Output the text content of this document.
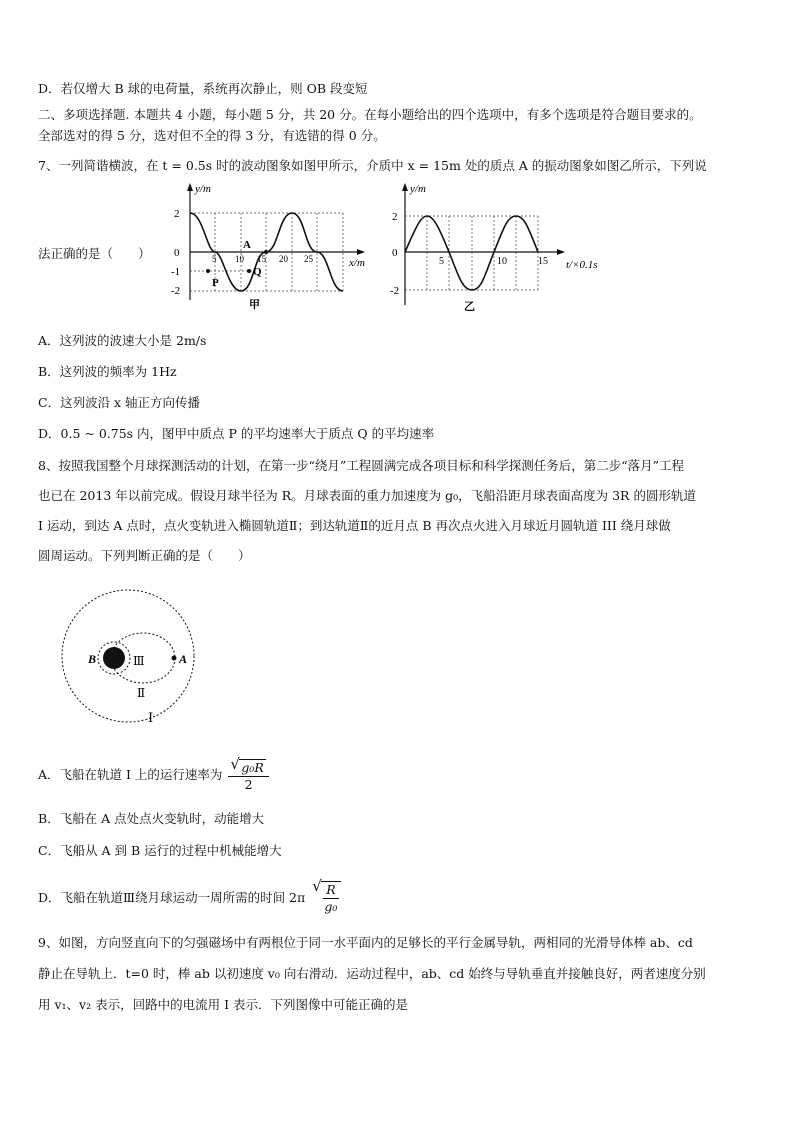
D．若仅增大 B 球的电荷量，系统再次静止，则 OB 段变短
二、多项选择题. 本题共 4 小题，每小题 5 分，共 20 分。在每小题给出的四个选项中，有多个选项是符合题目要求的。
全部选对的得 5 分，选对但不全的得 3 分，有选错的得 0 分。
7、一列简谐横波，在 t = 0.5s 时的波动图象如图甲所示，介质中 x = 15m 处的质点 A 的振动图象如图乙所示，下列说
法正确的是（　　）
y/m
x/m
2
0
-1
-2
5 10 15 20 25
A
P
Q
甲
y/m
t/×0.1s
2
0
-2
5	10	15
乙
A．这列波的波速大小是 2m/s
B．这列波的频率为 1Hz
C．这列波沿 x 轴正方向传播
D．0.5 ~ 0.75s 内，图甲中质点 P 的平均速率大于质点 Q 的平均速率
8、按照我国整个月球探测活动的计划，在第一步“绕月”工程圆满完成各项目标和科学探测任务后，第二步“落月”工程
也已在 2013 年以前完成。假设月球半径为 R。月球表面的重力加速度为 g₀，飞船沿距月球表面高度为 3R 的圆形轨道
I 运动，到达 A 点时，点火变轨进入椭圆轨道Ⅱ；到达轨道Ⅱ的近月点 B 再次点火进入月球近月圆轨道 III 绕月球做
圆周运动。下列判断正确的是（　　）
B	A
Ⅲ
Ⅱ
Ⅰ
A．飞船在轨道 I 上的运行速率为 √ $\frac{\text{g₀R}}{2}$
B．飞船在 A 点处点火变轨时，动能增大
C．飞船从 A 到 B 运行的过程中机械能增大
D．飞船在轨道Ⅲ绕月球运动一周所需的时间 2π √ $\frac{R}{\text{g₀}}$
9、如图，方向竖直向下的匀强磁场中有两根位于同一水平面内的足够长的平行金属导轨，两相同的光滑导体棒 ab、cd
静止在导轨上．t=0 时，棒 ab 以初速度 v₀ 向右滑动．运动过程中，ab、cd 始终与导轨垂直并接触良好，两者速度分别
用 v₁、v₂ 表示，回路中的电流用 I 表示．下列图像中可能正确的是
